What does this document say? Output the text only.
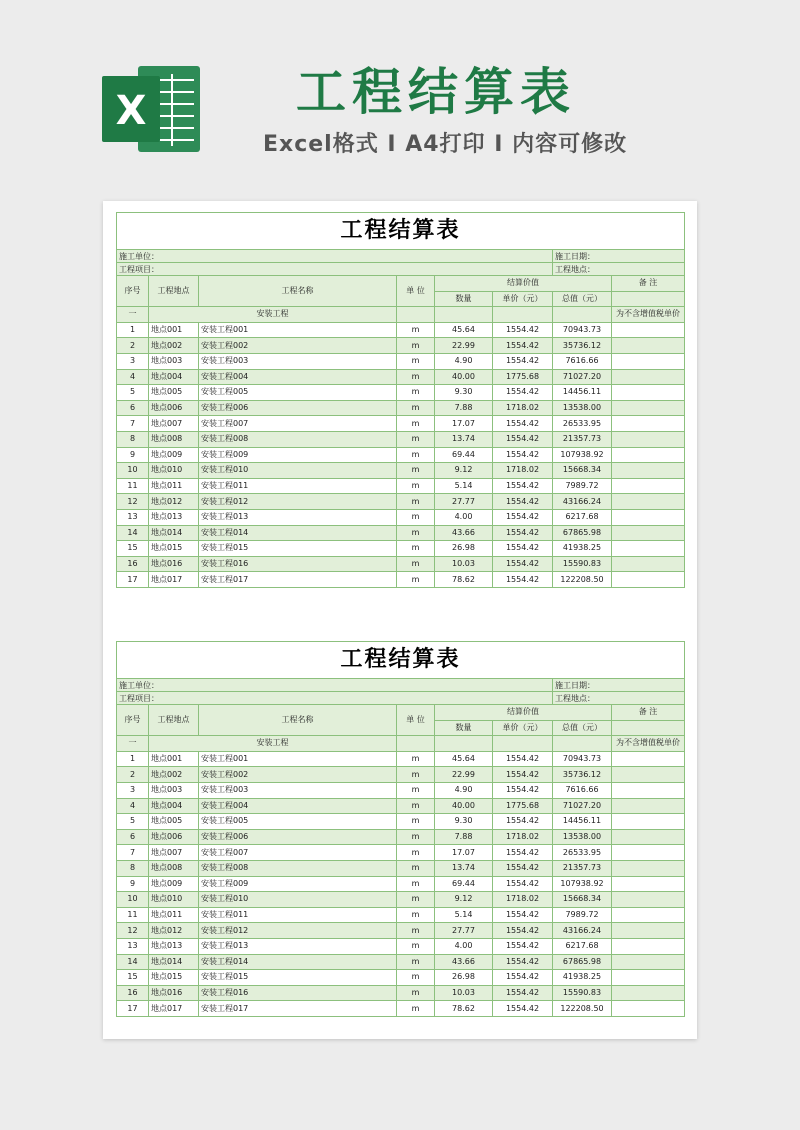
X	工程结算表
Excel格式 I A4打印 I 内容可修改
工程结算表							
施工单位：						施工日期：	
工程项目：						工程地点：	
序号	工程地点	工程名称	单 位	结算价值			备 注
				数量	单价（元）	总值（元）	
一	安装工程						为不含增值税单价
1	地点001	安装工程001	m	45.64	1554.42	70943.73	
2	地点002	安装工程002	m	22.99	1554.42	35736.12	
3	地点003	安装工程003	m	4.90	1554.42	7616.66	
4	地点004	安装工程004	m	40.00	1775.68	71027.20	
5	地点005	安装工程005	m	9.30	1554.42	14456.11	
6	地点006	安装工程006	m	7.88	1718.02	13538.00	
7	地点007	安装工程007	m	17.07	1554.42	26533.95	
8	地点008	安装工程008	m	13.74	1554.42	21357.73	
9	地点009	安装工程009	m	69.44	1554.42	107938.92	
10	地点010	安装工程010	m	9.12	1718.02	15668.34	
11	地点011	安装工程011	m	5.14	1554.42	7989.72	
12	地点012	安装工程012	m	27.77	1554.42	43166.24	
13	地点013	安装工程013	m	4.00	1554.42	6217.68	
14	地点014	安装工程014	m	43.66	1554.42	67865.98	
15	地点015	安装工程015	m	26.98	1554.42	41938.25	
16	地点016	安装工程016	m	10.03	1554.42	15590.83	
17	地点017	安装工程017	m	78.62	1554.42	122208.50	
工程结算表							
施工单位：						施工日期：	
工程项目：						工程地点：	
序号	工程地点	工程名称	单 位	结算价值			备 注
				数量	单价（元）	总值（元）	
一	安装工程						为不含增值税单价
1	地点001	安装工程001	m	45.64	1554.42	70943.73	
2	地点002	安装工程002	m	22.99	1554.42	35736.12	
3	地点003	安装工程003	m	4.90	1554.42	7616.66	
4	地点004	安装工程004	m	40.00	1775.68	71027.20	
5	地点005	安装工程005	m	9.30	1554.42	14456.11	
6	地点006	安装工程006	m	7.88	1718.02	13538.00	
7	地点007	安装工程007	m	17.07	1554.42	26533.95	
8	地点008	安装工程008	m	13.74	1554.42	21357.73	
9	地点009	安装工程009	m	69.44	1554.42	107938.92	
10	地点010	安装工程010	m	9.12	1718.02	15668.34	
11	地点011	安装工程011	m	5.14	1554.42	7989.72	
12	地点012	安装工程012	m	27.77	1554.42	43166.24	
13	地点013	安装工程013	m	4.00	1554.42	6217.68	
14	地点014	安装工程014	m	43.66	1554.42	67865.98	
15	地点015	安装工程015	m	26.98	1554.42	41938.25	
16	地点016	安装工程016	m	10.03	1554.42	15590.83	
17	地点017	安装工程017	m	78.62	1554.42	122208.50	
